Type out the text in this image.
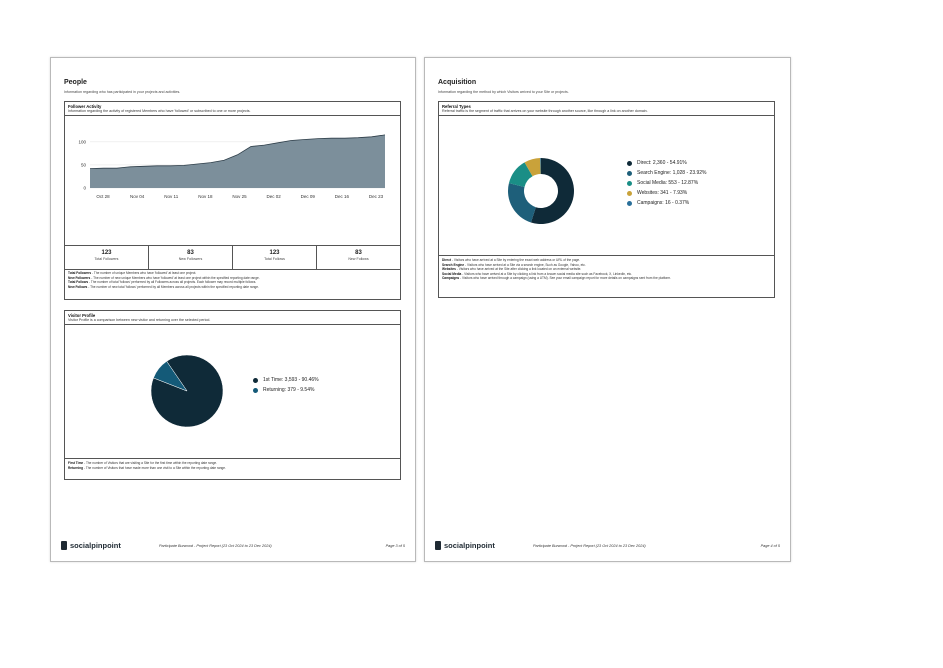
People
Information regarding who has participated in your projects and activities.
Follower Activity
Information regarding the activity of registered Members who have 'followed' or subscribed to one or more projects.
0
50
100
Oct 28	Nov 04	Nov 11	Nov 18	Nov 25	Dec 02	Dec 09	Dec 16	Dec 23
123
Total Followers
83
New Followers
123
Total Follows
83
New Follows
Total Followers - The number of unique Members who have 'followed' at least one project.
New Followers - The number of new unique Members who have 'followed' at least one project within the specified reporting date range.
Total Follows - The number of total 'follows' performed by all Followers across all projects. Each follower may record multiple follows.
New Follows - The number of new total 'follows' performed by all Members across all projects within the specified reporting date range.
Visitor Profile
Visitor Profile is a comparison between new visitor and returning over the selected period.
1st Time: 3,593 - 90.46%
Returning: 379 - 9.54%
First Time - The number of Visitors that are visiting a Site for the first time within the reporting date range.
Returning - The number of Visitors that have made more than one visit to a Site within the reporting date range.
socialpinpoint	Participate Burwood - Project Report (23 Oct 2024 to 23 Dec 2024)	Page 3 of 5
Acquisition
Information regarding the method by which Visitors arrived to your Site or projects.
Referral Types
Referral traffic is the segment of traffic that arrives on your website through another source, like through a link on another domain.
Direct: 2,360 - 54.91%
Search Engine: 1,028 - 23.92%
Social Media: 553 - 12.87%
Websites: 341 - 7.93%
Campaigns: 16 - 0.37%
Direct - Visitors who have arrived at a Site by entering the exact web address or URL of the page.
Search Engine - Visitors who have arrived at a Site via a search engine, Such as Google, Yahoo, etc.
Websites - Visitors who have arrived at the Site after clicking a link located on an external website.
Social Media - Visitors who have arrived at a Site by clicking a link from a known social media site such as Facebook, X, LinkedIn, etc.
Campaigns - Visitors who have arrived through a campaign (using a UTM). See your email campaign report for more details on campaigns sent from the platform.
socialpinpoint	Participate Burwood - Project Report (23 Oct 2024 to 23 Dec 2024)	Page 4 of 5
